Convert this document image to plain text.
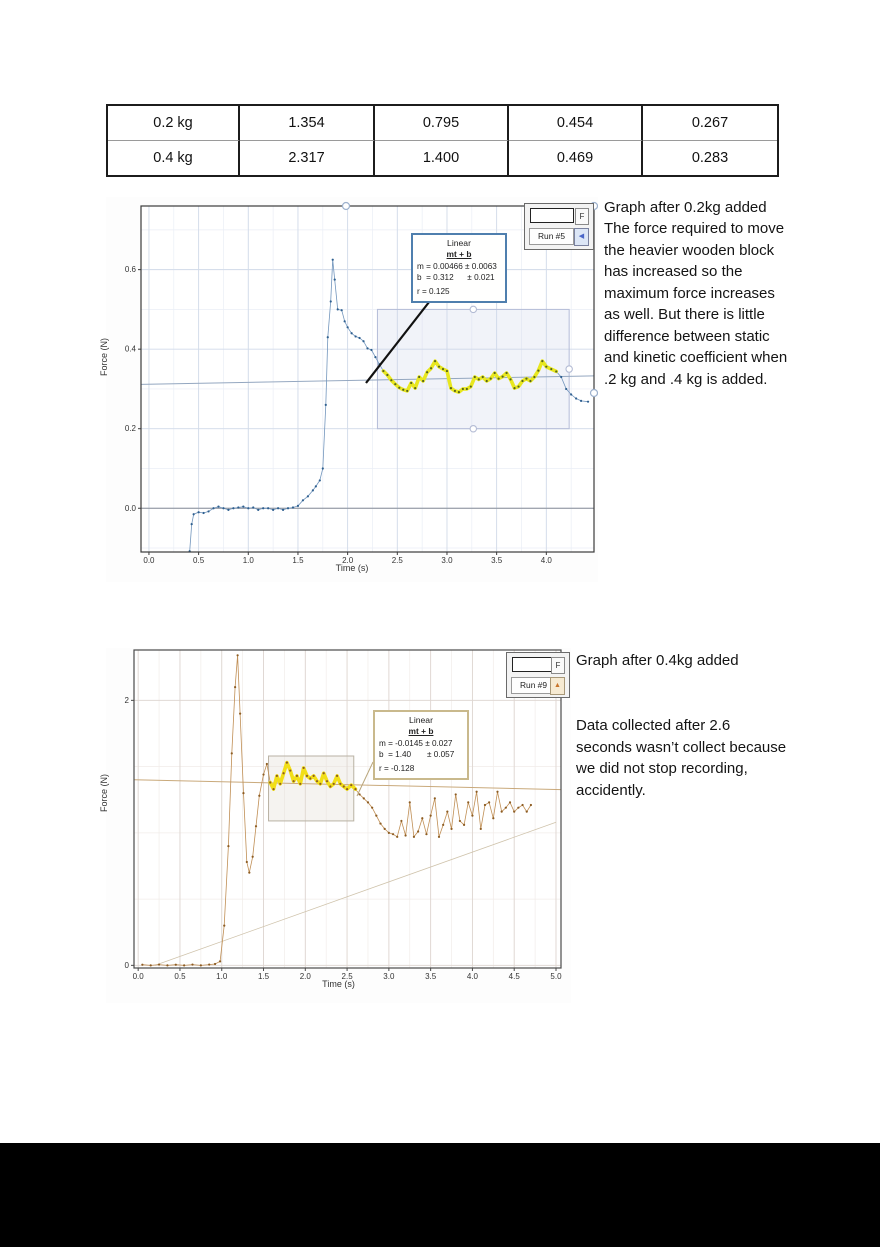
0.2 kg	1.354	0.795	0.454	0.267
0.4 kg	2.317	1.400	0.469	0.283
0.0	0.5	1.0	1.5	2.0	2.5	3.0	3.5	4.0
0.0
0.2
0.4
0.6
Force (N)
Time (s)
Linear
mt + b
m = 0.00466 ± 0.0063
b  = 0.312      ± 0.021
r = 0.125
F
Run #5	◀
Graph after 0.2kg added
The force required to move the heavier wooden block has increased so the maximum force increases as well. But there is little difference between static and kinetic coefficient when .2 kg and .4 kg is added.
0.0	0.5	1.0	1.5	2.0	2.5	3.0	3.5	4.0	4.5	5.0
0
2
Force (N)
Time (s)
Linear
mt + b
m = -0.0145 ± 0.027
b  = 1.40       ± 0.057
r = -0.128
F
Run #9	▲
Graph after 0.4kg added
Data collected after 2.6 seconds wasn’t collect because we did not stop recording, accidently.
